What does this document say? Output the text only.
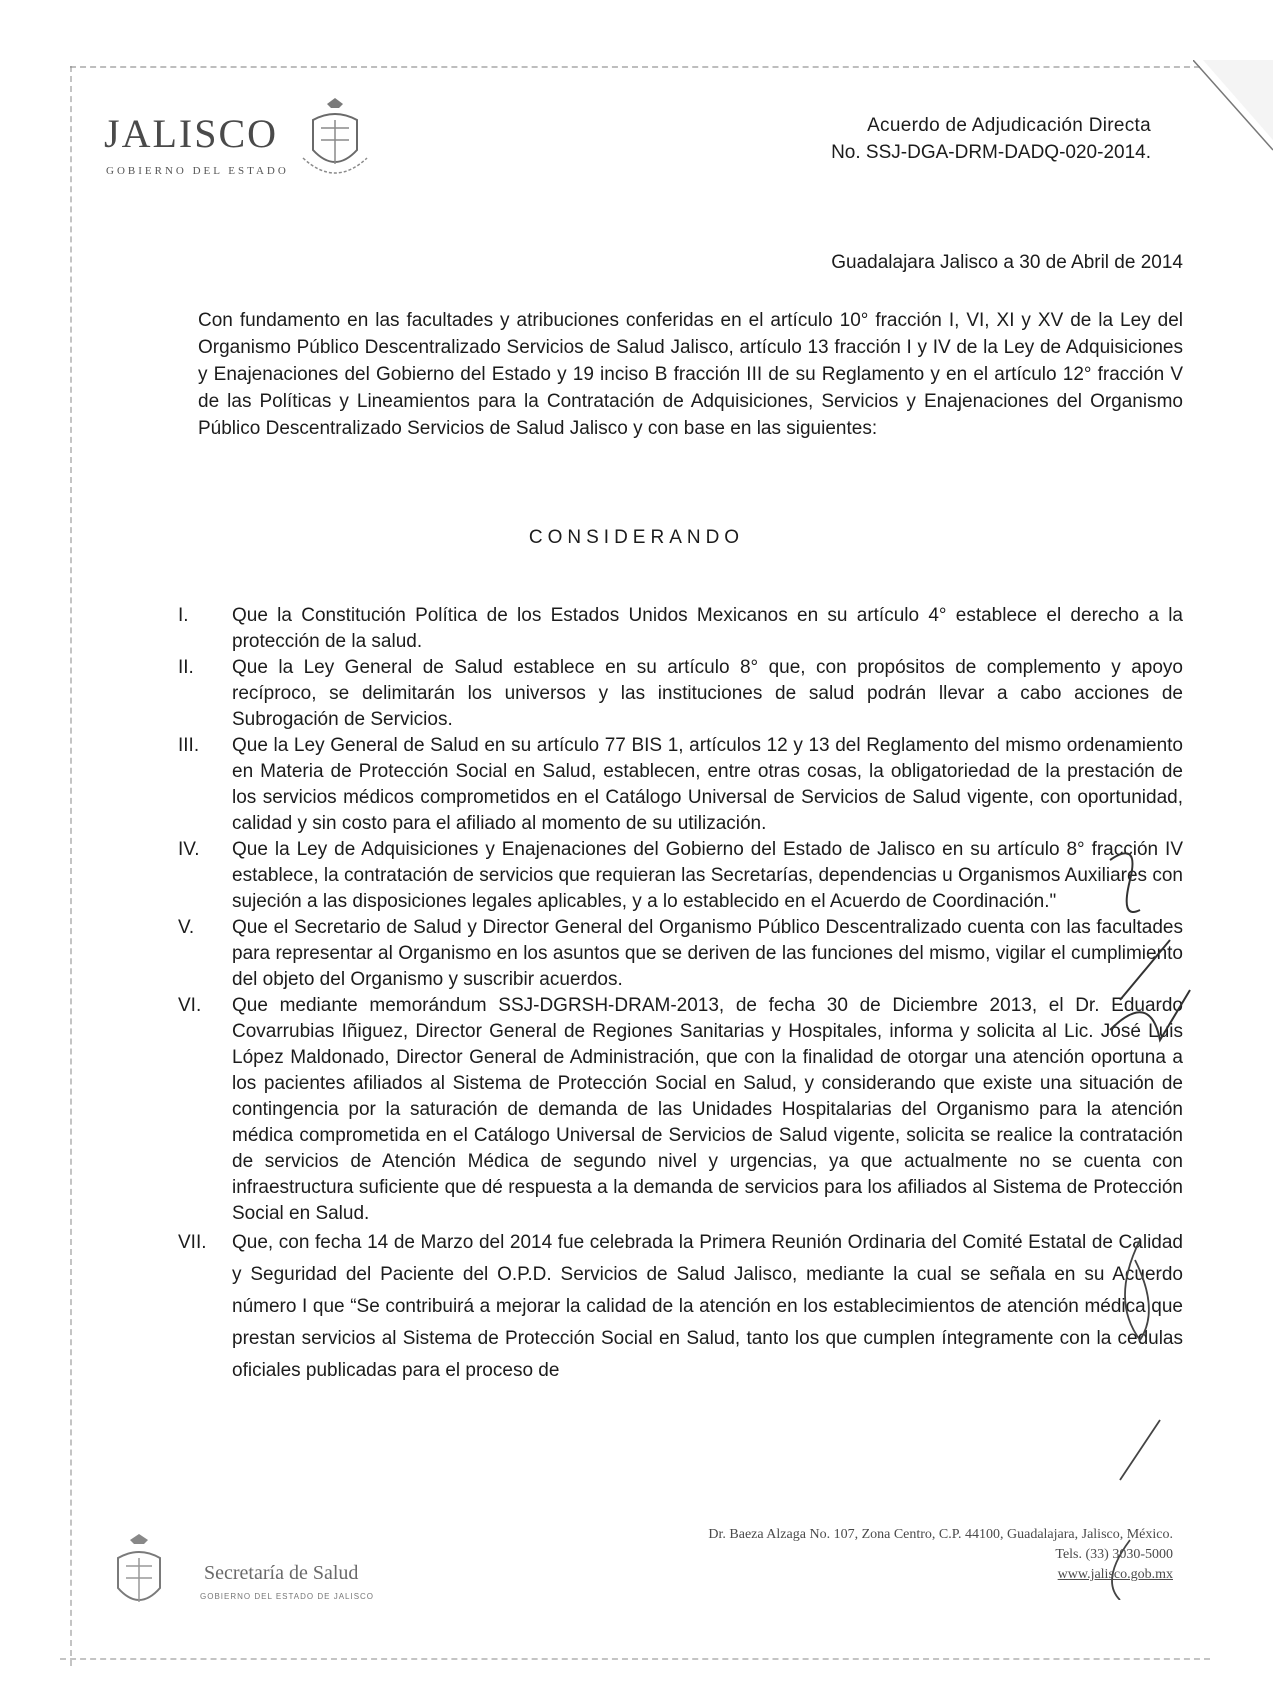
JALISCO
GOBIERNO DEL ESTADO
Acuerdo de Adjudicación Directa
No. SSJ-DGA-DRM-DADQ-020-2014.
Guadalajara Jalisco a 30 de Abril de 2014
Con fundamento en las facultades y atribuciones conferidas en el artículo 10° fracción I, VI, XI y XV de la Ley del Organismo Público Descentralizado Servicios de Salud Jalisco, artículo 13 fracción I y IV de la Ley de Adquisiciones y Enajenaciones del Gobierno del Estado y 19 inciso B fracción III de su Reglamento y en el artículo 12° fracción V de las Políticas y Lineamientos para la Contratación de Adquisiciones, Servicios y Enajenaciones del Organismo Público Descentralizado Servicios de Salud Jalisco y con base en las siguientes:
CONSIDERANDO
I. Que la Constitución Política de los Estados Unidos Mexicanos en su artículo 4° establece el derecho a la protección de la salud.
II. Que la Ley General de Salud establece en su artículo 8° que, con propósitos de complemento y apoyo recíproco, se delimitarán los universos y las instituciones de salud podrán llevar a cabo acciones de Subrogación de Servicios.
III. Que la Ley General de Salud en su artículo 77 BIS 1, artículos 12 y 13 del Reglamento del mismo ordenamiento en Materia de Protección Social en Salud, establecen, entre otras cosas, la obligatoriedad de la prestación de los servicios médicos comprometidos en el Catálogo Universal de Servicios de Salud vigente, con oportunidad, calidad y sin costo para el afiliado al momento de su utilización.
IV. Que la Ley de Adquisiciones y Enajenaciones del Gobierno del Estado de Jalisco en su artículo 8° fracción IV establece, la contratación de servicios que requieran las Secretarías, dependencias u Organismos Auxiliares con sujeción a las disposiciones legales aplicables, y a lo establecido en el Acuerdo de Coordinación."
V. Que el Secretario de Salud y Director General del Organismo Público Descentralizado cuenta con las facultades para representar al Organismo en los asuntos que se deriven de las funciones del mismo, vigilar el cumplimiento del objeto del Organismo y suscribir acuerdos.
VI. Que mediante memorándum SSJ-DGRSH-DRAM-2013, de fecha 30 de Diciembre 2013, el Dr. Eduardo Covarrubias Iñiguez, Director General de Regiones Sanitarias y Hospitales, informa y solicita al Lic. José Luis López Maldonado, Director General de Administración, que con la finalidad de otorgar una atención oportuna a los pacientes afiliados al Sistema de Protección Social en Salud, y considerando que existe una situación de contingencia por la saturación de demanda de las Unidades Hospitalarias del Organismo para la atención médica comprometida en el Catálogo Universal de Servicios de Salud vigente, solicita se realice la contratación de servicios de Atención Médica de segundo nivel y urgencias, ya que actualmente no se cuenta con infraestructura suficiente que dé respuesta a la demanda de servicios para los afiliados al Sistema de Protección Social en Salud.
VII. Que, con fecha 14 de Marzo del 2014 fue celebrada la Primera Reunión Ordinaria del Comité Estatal de Calidad y Seguridad del Paciente del O.P.D. Servicios de Salud Jalisco, mediante la cual se señala en su Acuerdo número I que “Se contribuirá a mejorar la calidad de la atención en los establecimientos de atención médica que prestan servicios al Sistema de Protección Social en Salud, tanto los que cumplen íntegramente con la cedulas oficiales publicadas para el proceso de
Secretaría de Salud
GOBIERNO DEL ESTADO DE JALISCO
Dr. Baeza Alzaga No. 107, Zona Centro, C.P. 44100, Guadalajara, Jalisco, México.
Tels. (33) 3030-5000
www.jalisco.gob.mx
